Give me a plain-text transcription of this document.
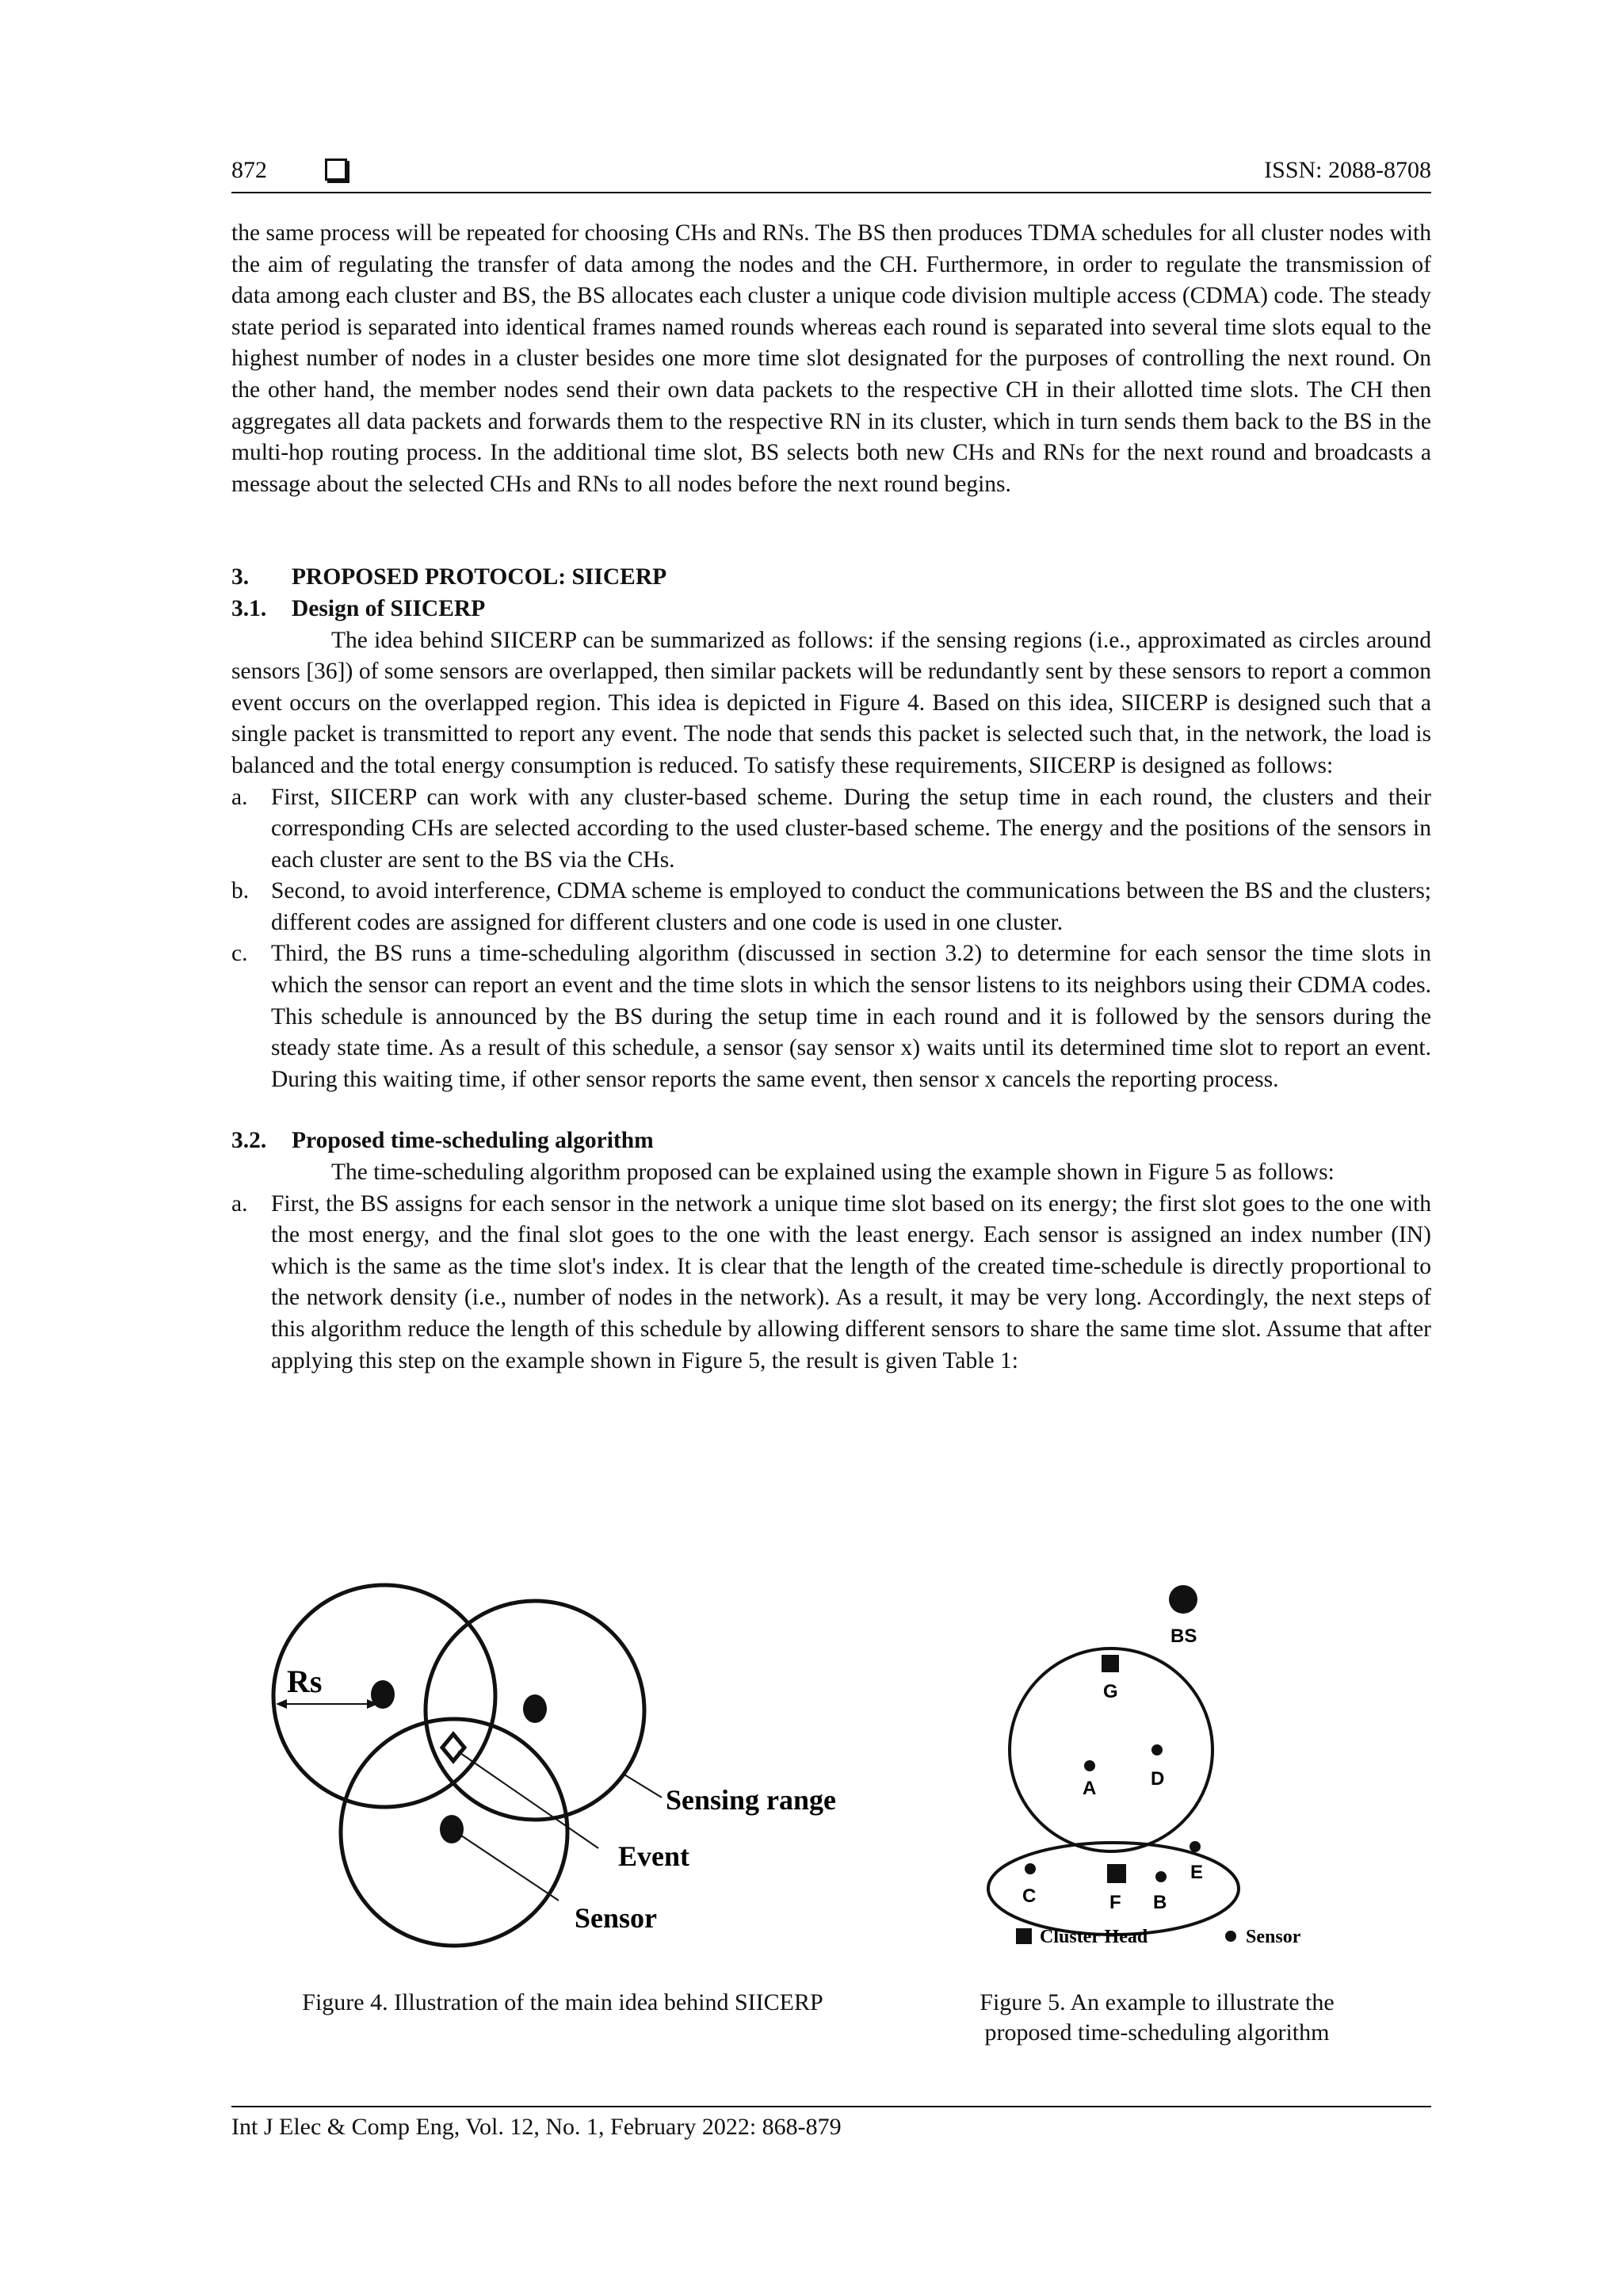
872	ISSN: 2088-8708

the same process will be repeated for choosing CHs and RNs. The BS then produces TDMA schedules for all cluster nodes with the aim of regulating the transfer of data among the nodes and the CH. Furthermore, in order to regulate the transmission of data among each cluster and BS, the BS allocates each cluster a unique code division multiple access (CDMA) code. The steady state period is separated into identical frames named rounds whereas each round is separated into several time slots equal to the highest number of nodes in a cluster besides one more time slot designated for the purposes of controlling the next round. On the other hand, the member nodes send their own data packets to the respective CH in their allotted time slots. The CH then aggregates all data packets and forwards them to the respective RN in its cluster, which in turn sends them back to the BS in the multi-hop routing process. In the additional time slot, BS selects both new CHs and RNs for the next round and broadcasts a message about the selected CHs and RNs to all nodes before the next round begins.

3. PROPOSED PROTOCOL: SIICERP

3.1. Design of SIICERP

The idea behind SIICERP can be summarized as follows: if the sensing regions (i.e., approximated as circles around sensors [36]) of some sensors are overlapped, then similar packets will be redundantly sent by these sensors to report a common event occurs on the overlapped region. This idea is depicted in Figure 4. Based on this idea, SIICERP is designed such that a single packet is transmitted to report any event. The node that sends this packet is selected such that, in the network, the load is balanced and the total energy consumption is reduced. To satisfy these requirements, SIICERP is designed as follows:

a. First, SIICERP can work with any cluster-based scheme. During the setup time in each round, the clusters and their corresponding CHs are selected according to the used cluster-based scheme. The energy and the positions of the sensors in each cluster are sent to the BS via the CHs.
b. Second, to avoid interference, CDMA scheme is employed to conduct the communications between the BS and the clusters; different codes are assigned for different clusters and one code is used in one cluster.
c. Third, the BS runs a time-scheduling algorithm (discussed in section 3.2) to determine for each sensor the time slots in which the sensor can report an event and the time slots in which the sensor listens to its neighbors using their CDMA codes. This schedule is announced by the BS during the setup time in each round and it is followed by the sensors during the steady state time. As a result of this schedule, a sensor (say sensor x) waits until its determined time slot to report an event. During this waiting time, if other sensor reports the same event, then sensor x cancels the reporting process.

3.2. Proposed time-scheduling algorithm

The time-scheduling algorithm proposed can be explained using the example shown in Figure 5 as follows:

a. First, the BS assigns for each sensor in the network a unique time slot based on its energy; the first slot goes to the one with the most energy, and the final slot goes to the one with the least energy. Each sensor is assigned an index number (IN) which is the same as the time slot's index. It is clear that the length of the created time-schedule is directly proportional to the network density (i.e., number of nodes in the network). As a result, it may be very long. Accordingly, the next steps of this algorithm reduce the length of this schedule by allowing different sensors to share the same time slot. Assume that after applying this step on the example shown in Figure 5, the result is given Table 1:
Rs
Sensing range
Event
Sensor
BS
G
A	D
C	F B
E
Cluster Head	Sensor
Figure 4. Illustration of the main idea behind SIICERP	Figure 5. An example to illustrate the
proposed time-scheduling algorithm
Int J Elec & Comp Eng, Vol. 12, No. 1, February 2022: 868-879
